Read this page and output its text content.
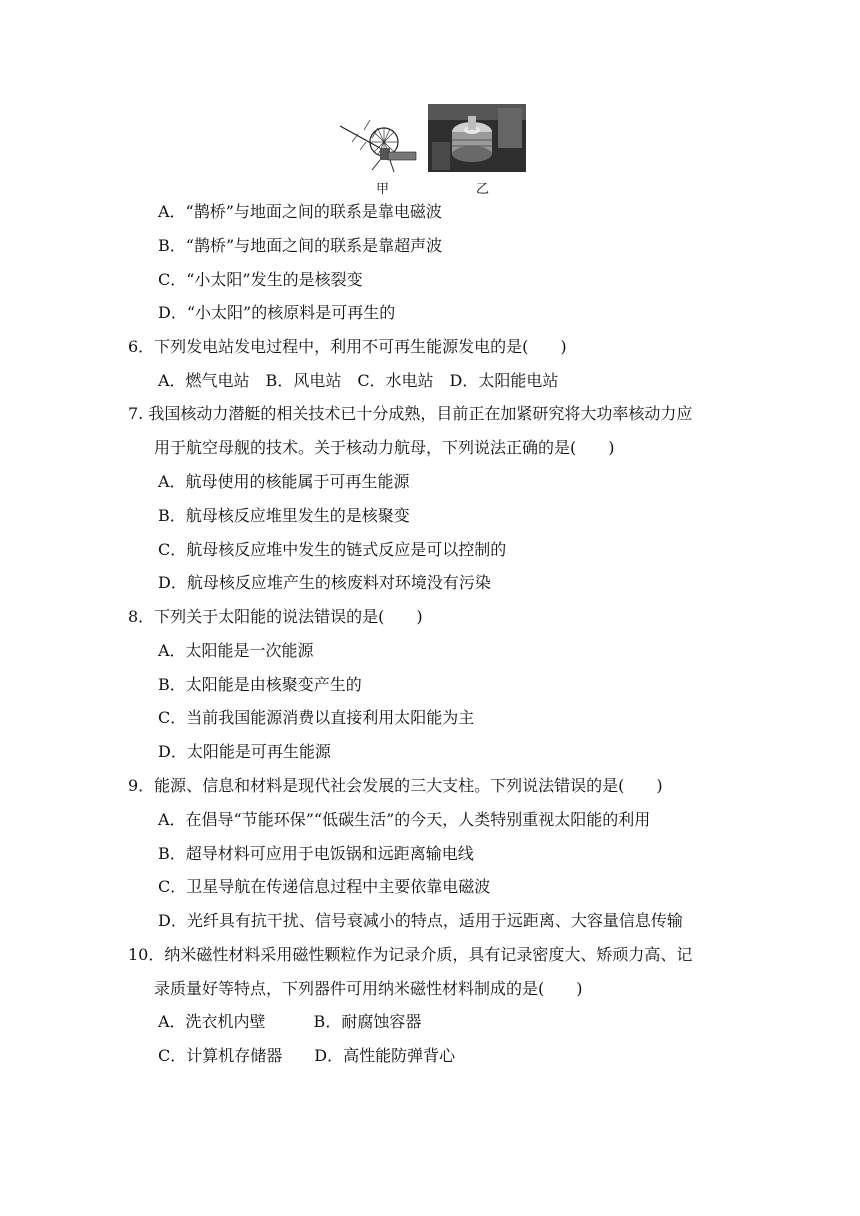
甲	乙
A．“鹊桥”与地面之间的联系是靠电磁波
B．“鹊桥”与地面之间的联系是靠超声波
C．“小太阳”发生的是核裂变
D．“小太阳”的核原料是可再生的
6．下列发电站发电过程中，利用不可再生能源发电的是(　　)
A．燃气电站　B．风电站　C．水电站　D．太阳能电站
7. 我国核动力潜艇的相关技术已十分成熟，目前正在加紧研究将大功率核动力应
用于航空母舰的技术。关于核动力航母，下列说法正确的是(　　)
A．航母使用的核能属于可再生能源
B．航母核反应堆里发生的是核聚变
C．航母核反应堆中发生的链式反应是可以控制的
D．航母核反应堆产生的核废料对环境没有污染
8．下列关于太阳能的说法错误的是(　　)
A．太阳能是一次能源
B．太阳能是由核聚变产生的
C．当前我国能源消费以直接利用太阳能为主
D．太阳能是可再生能源
9．能源、信息和材料是现代社会发展的三大支柱。下列说法错误的是(　　)
A．在倡导“节能环保”“低碳生活”的今天，人类特别重视太阳能的利用
B．超导材料可应用于电饭锅和远距离输电线
C．卫星导航在传递信息过程中主要依靠电磁波
D．光纤具有抗干扰、信号衰减小的特点，适用于远距离、大容量信息传输
10．纳米磁性材料采用磁性颗粒作为记录介质，具有记录密度大、矫顽力高、记
录质量好等特点，下列器件可用纳米磁性材料制成的是(　　)
A．洗衣机内壁　　　B．耐腐蚀容器
C．计算机存储器　　D．高性能防弹背心
